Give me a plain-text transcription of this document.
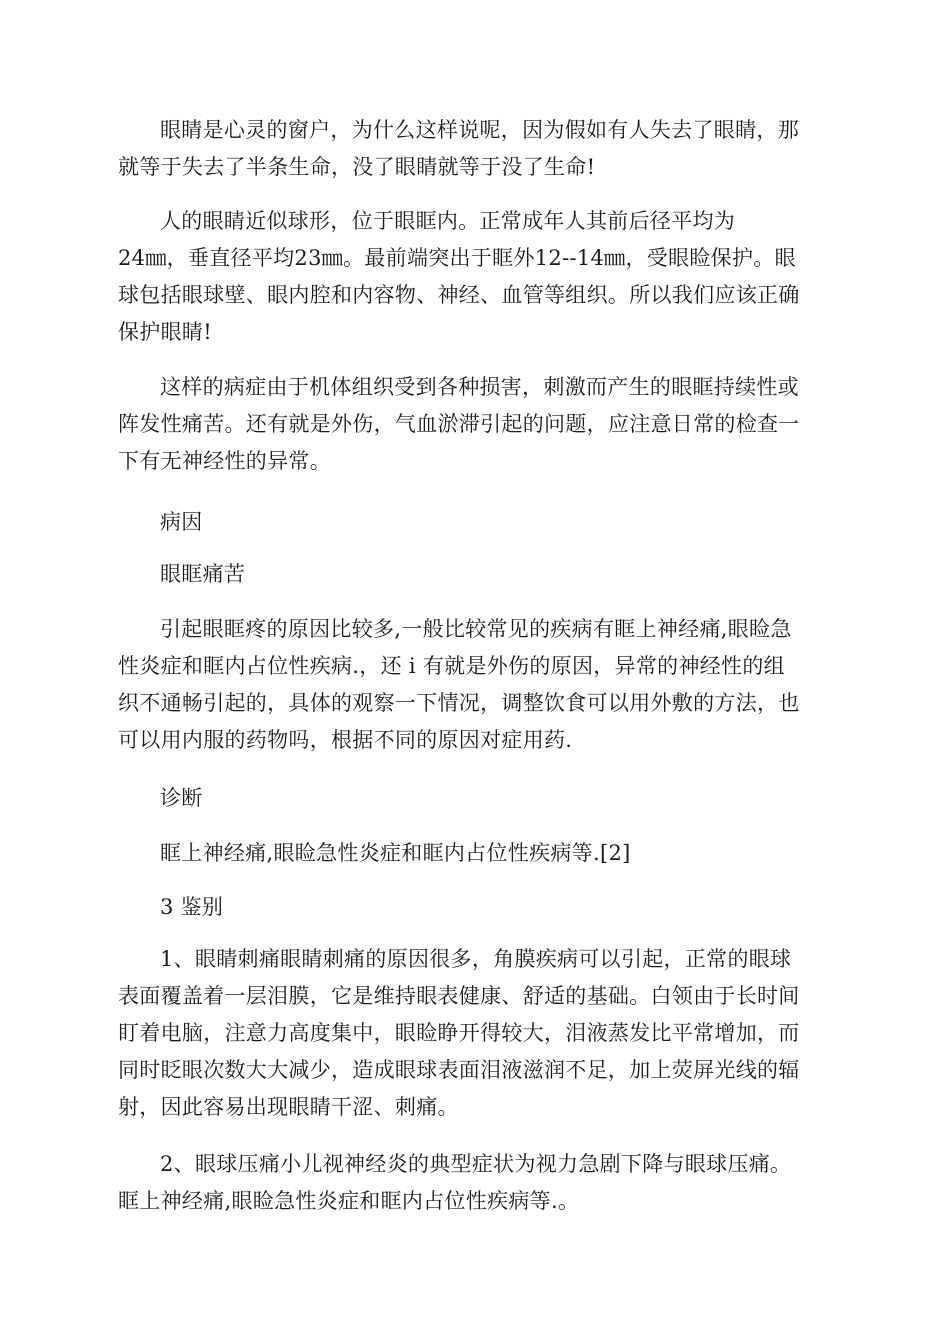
眼睛是心灵的窗户，为什么这样说呢，因为假如有人失去了眼睛，那
就等于失去了半条生命，没了眼睛就等于没了生命!
人的眼睛近似球形，位于眼眶内。正常成年人其前后径平均为
24㎜，垂直径平均23㎜。最前端突出于眶外12--14㎜，受眼睑保护。眼
球包括眼球壁、眼内腔和内容物、神经、血管等组织。所以我们应该正确
保护眼睛!
这样的病症由于机体组织受到各种损害，刺激而产生的眼眶持续性或
阵发性痛苦。还有就是外伤，气血淤滞引起的问题，应注意日常的检查一
下有无神经性的异常。
病因
眼眶痛苦
引起眼眶疼的原因比较多,一般比较常见的疾病有眶上神经痛,眼睑急
性炎症和眶内占位性疾病.，还 i 有就是外伤的原因，异常的神经性的组
织不通畅引起的，具体的观察一下情况，调整饮食可以用外敷的方法，也
可以用内服的药物吗，根据不同的原因对症用药.
诊断
眶上神经痛,眼睑急性炎症和眶内占位性疾病等.[2]
3 鉴别
1、眼睛刺痛眼睛刺痛的原因很多，角膜疾病可以引起，正常的眼球
表面覆盖着一层泪膜，它是维持眼表健康、舒适的基础。白领由于长时间
盯着电脑，注意力高度集中，眼睑睁开得较大，泪液蒸发比平常增加，而
同时眨眼次数大大减少，造成眼球表面泪液滋润不足，加上荧屏光线的辐
射，因此容易出现眼睛干涩、刺痛。
2、眼球压痛小儿视神经炎的典型症状为视力急剧下降与眼球压痛。
眶上神经痛,眼睑急性炎症和眶内占位性疾病等.。
